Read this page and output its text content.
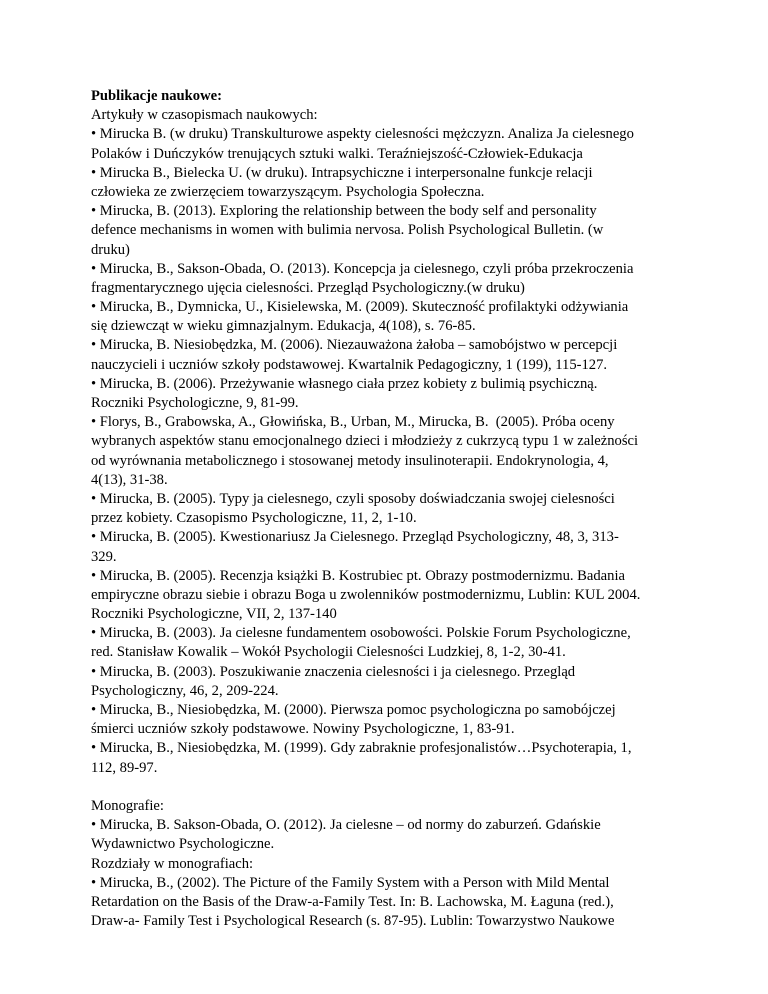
Publikacje naukowe:
Artykuły w czasopismach naukowych:
• Mirucka B. (w druku) Transkulturowe aspekty cielesności mężczyzn. Analiza Ja cielesnego
Polaków i Duńczyków trenujących sztuki walki. Teraźniejszość-Człowiek-Edukacja
• Mirucka B., Bielecka U. (w druku). Intrapsychiczne i interpersonalne funkcje relacji
człowieka ze zwierzęciem towarzyszącym. Psychologia Społeczna.
• Mirucka, B. (2013). Exploring the relationship between the body self and personality
defence mechanisms in women with bulimia nervosa. Polish Psychological Bulletin. (w
druku)
• Mirucka, B., Sakson-Obada, O. (2013). Koncepcja ja cielesnego, czyli próba przekroczenia
fragmentarycznego ujęcia cielesności. Przegląd Psychologiczny.(w druku)
• Mirucka, B., Dymnicka, U., Kisielewska, M. (2009). Skuteczność profilaktyki odżywiania
się dziewcząt w wieku gimnazjalnym. Edukacja, 4(108), s. 76-85.
• Mirucka, B. Niesiobędzka, M. (2006). Niezauważona żałoba – samobójstwo w percepcji
nauczycieli i uczniów szkoły podstawowej. Kwartalnik Pedagogiczny, 1 (199), 115-127.
• Mirucka, B. (2006). Przeżywanie własnego ciała przez kobiety z bulimią psychiczną.
Roczniki Psychologiczne, 9, 81-99.
• Florys, B., Grabowska, A., Głowińska, B., Urban, M., Mirucka, B.  (2005). Próba oceny
wybranych aspektów stanu emocjonalnego dzieci i młodzieży z cukrzycą typu 1 w zależności
od wyrównania metabolicznego i stosowanej metody insulinoterapii. Endokrynologia, 4,
4(13), 31-38.
• Mirucka, B. (2005). Typy ja cielesnego, czyli sposoby doświadczania swojej cielesności
przez kobiety. Czasopismo Psychologiczne, 11, 2, 1-10.
• Mirucka, B. (2005). Kwestionariusz Ja Cielesnego. Przegląd Psychologiczny, 48, 3, 313-
329.
• Mirucka, B. (2005). Recenzja książki B. Kostrubiec pt. Obrazy postmodernizmu. Badania
empiryczne obrazu siebie i obrazu Boga u zwolenników postmodernizmu, Lublin: KUL 2004.
Roczniki Psychologiczne, VII, 2, 137-140
• Mirucka, B. (2003). Ja cielesne fundamentem osobowości. Polskie Forum Psychologiczne,
red. Stanisław Kowalik – Wokół Psychologii Cielesności Ludzkiej, 8, 1-2, 30-41.
• Mirucka, B. (2003). Poszukiwanie znaczenia cielesności i ja cielesnego. Przegląd
Psychologiczny, 46, 2, 209-224.
• Mirucka, B., Niesiobędzka, M. (2000). Pierwsza pomoc psychologiczna po samobójczej
śmierci uczniów szkoły podstawowe. Nowiny Psychologiczne, 1, 83-91.
• Mirucka, B., Niesiobędzka, M. (1999). Gdy zabraknie profesjonalistów…Psychoterapia, 1,
112, 89-97.
Monografie:
• Mirucka, B. Sakson-Obada, O. (2012). Ja cielesne – od normy do zaburzeń. Gdańskie
Wydawnictwo Psychologiczne.
Rozdziały w monografiach:
• Mirucka, B., (2002). The Picture of the Family System with a Person with Mild Mental
Retardation on the Basis of the Draw-a-Family Test. In: B. Lachowska, M. Łaguna (red.),
Draw-a- Family Test i Psychological Research (s. 87-95). Lublin: Towarzystwo Naukowe
